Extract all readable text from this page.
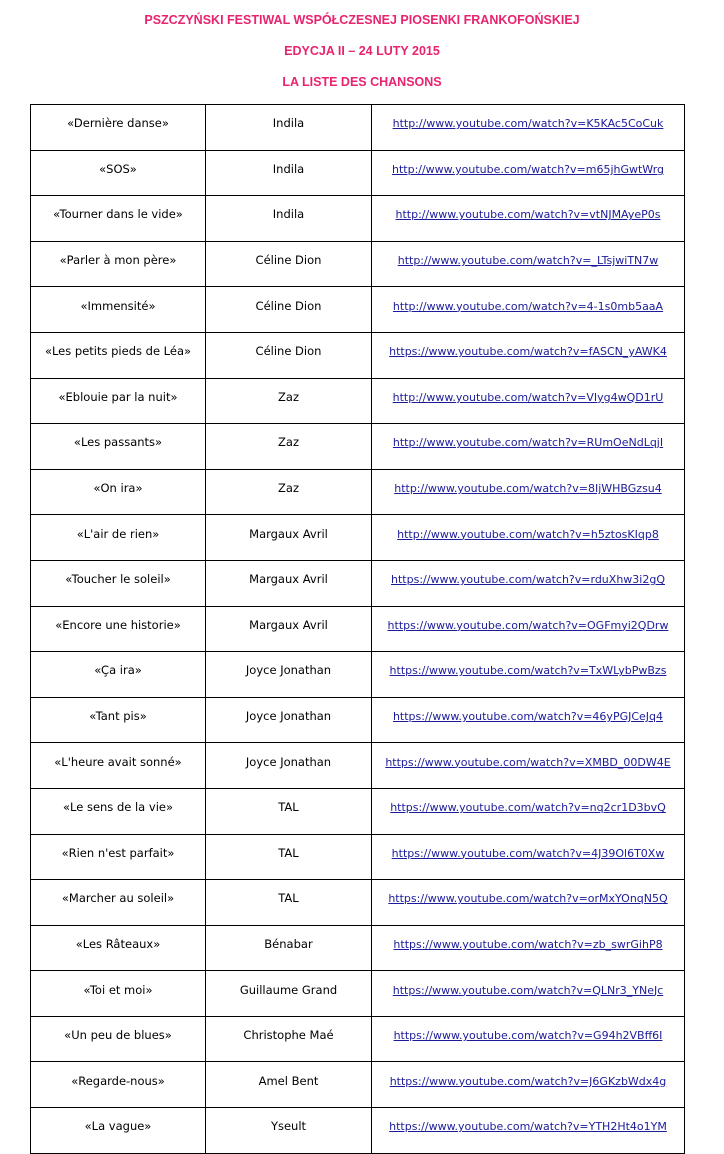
PSZCZYŃSKI FESTIWAL WSPÓŁCZESNEJ PIOSENKI FRANKOFOŃSKIEJ
EDYCJA II – 24 LUTY 2015
LA LISTE DES CHANSONS
«Dernière danse»	Indila	http://www.youtube.com/watch?v=K5KAc5CoCuk
«SOS»	Indila	http://www.youtube.com/watch?v=m65jhGwtWrg
«Tourner dans le vide»	Indila	http://www.youtube.com/watch?v=vtNJMAyeP0s
«Parler à mon père»	Céline Dion	http://www.youtube.com/watch?v=_LTsjwiTN7w
«Immensité»	Céline Dion	http://www.youtube.com/watch?v=4-1s0mb5aaA
«Les petits pieds de Léa»	Céline Dion	https://www.youtube.com/watch?v=fASCN_yAWK4
«Eblouie par la nuit»	Zaz	http://www.youtube.com/watch?v=VIyg4wQD1rU
«Les passants»	Zaz	http://www.youtube.com/watch?v=RUmOeNdLqjI
«On ira»	Zaz	http://www.youtube.com/watch?v=8IjWHBGzsu4
«L'air de rien»	Margaux Avril	http://www.youtube.com/watch?v=h5ztosKIqp8
«Toucher le soleil»	Margaux Avril	https://www.youtube.com/watch?v=rduXhw3i2gQ
«Encore une historie»	Margaux Avril	https://www.youtube.com/watch?v=OGFmyi2QDrw
«Ça ira»	Joyce Jonathan	https://www.youtube.com/watch?v=TxWLybPwBzs
«Tant pis»	Joyce Jonathan	https://www.youtube.com/watch?v=46yPGJCeJq4
«L'heure avait sonné»	Joyce Jonathan	https://www.youtube.com/watch?v=XMBD_00DW4E
«Le sens de la vie»	TAL	https://www.youtube.com/watch?v=nq2cr1D3bvQ
«Rien n'est parfait»	TAL	https://www.youtube.com/watch?v=4J39Ol6T0Xw
«Marcher au soleil»	TAL	https://www.youtube.com/watch?v=orMxYOnqN5Q
«Les Râteaux»	Bénabar	https://www.youtube.com/watch?v=zb_swrGihP8
«Toi et moi»	Guillaume Grand	https://www.youtube.com/watch?v=QLNr3_YNeJc
«Un peu de blues»	Christophe Maé	https://www.youtube.com/watch?v=G94h2VBff6I
«Regarde-nous»	Amel Bent	https://www.youtube.com/watch?v=J6GKzbWdx4g
«La vague»	Yseult	https://www.youtube.com/watch?v=YTH2Ht4o1YM
